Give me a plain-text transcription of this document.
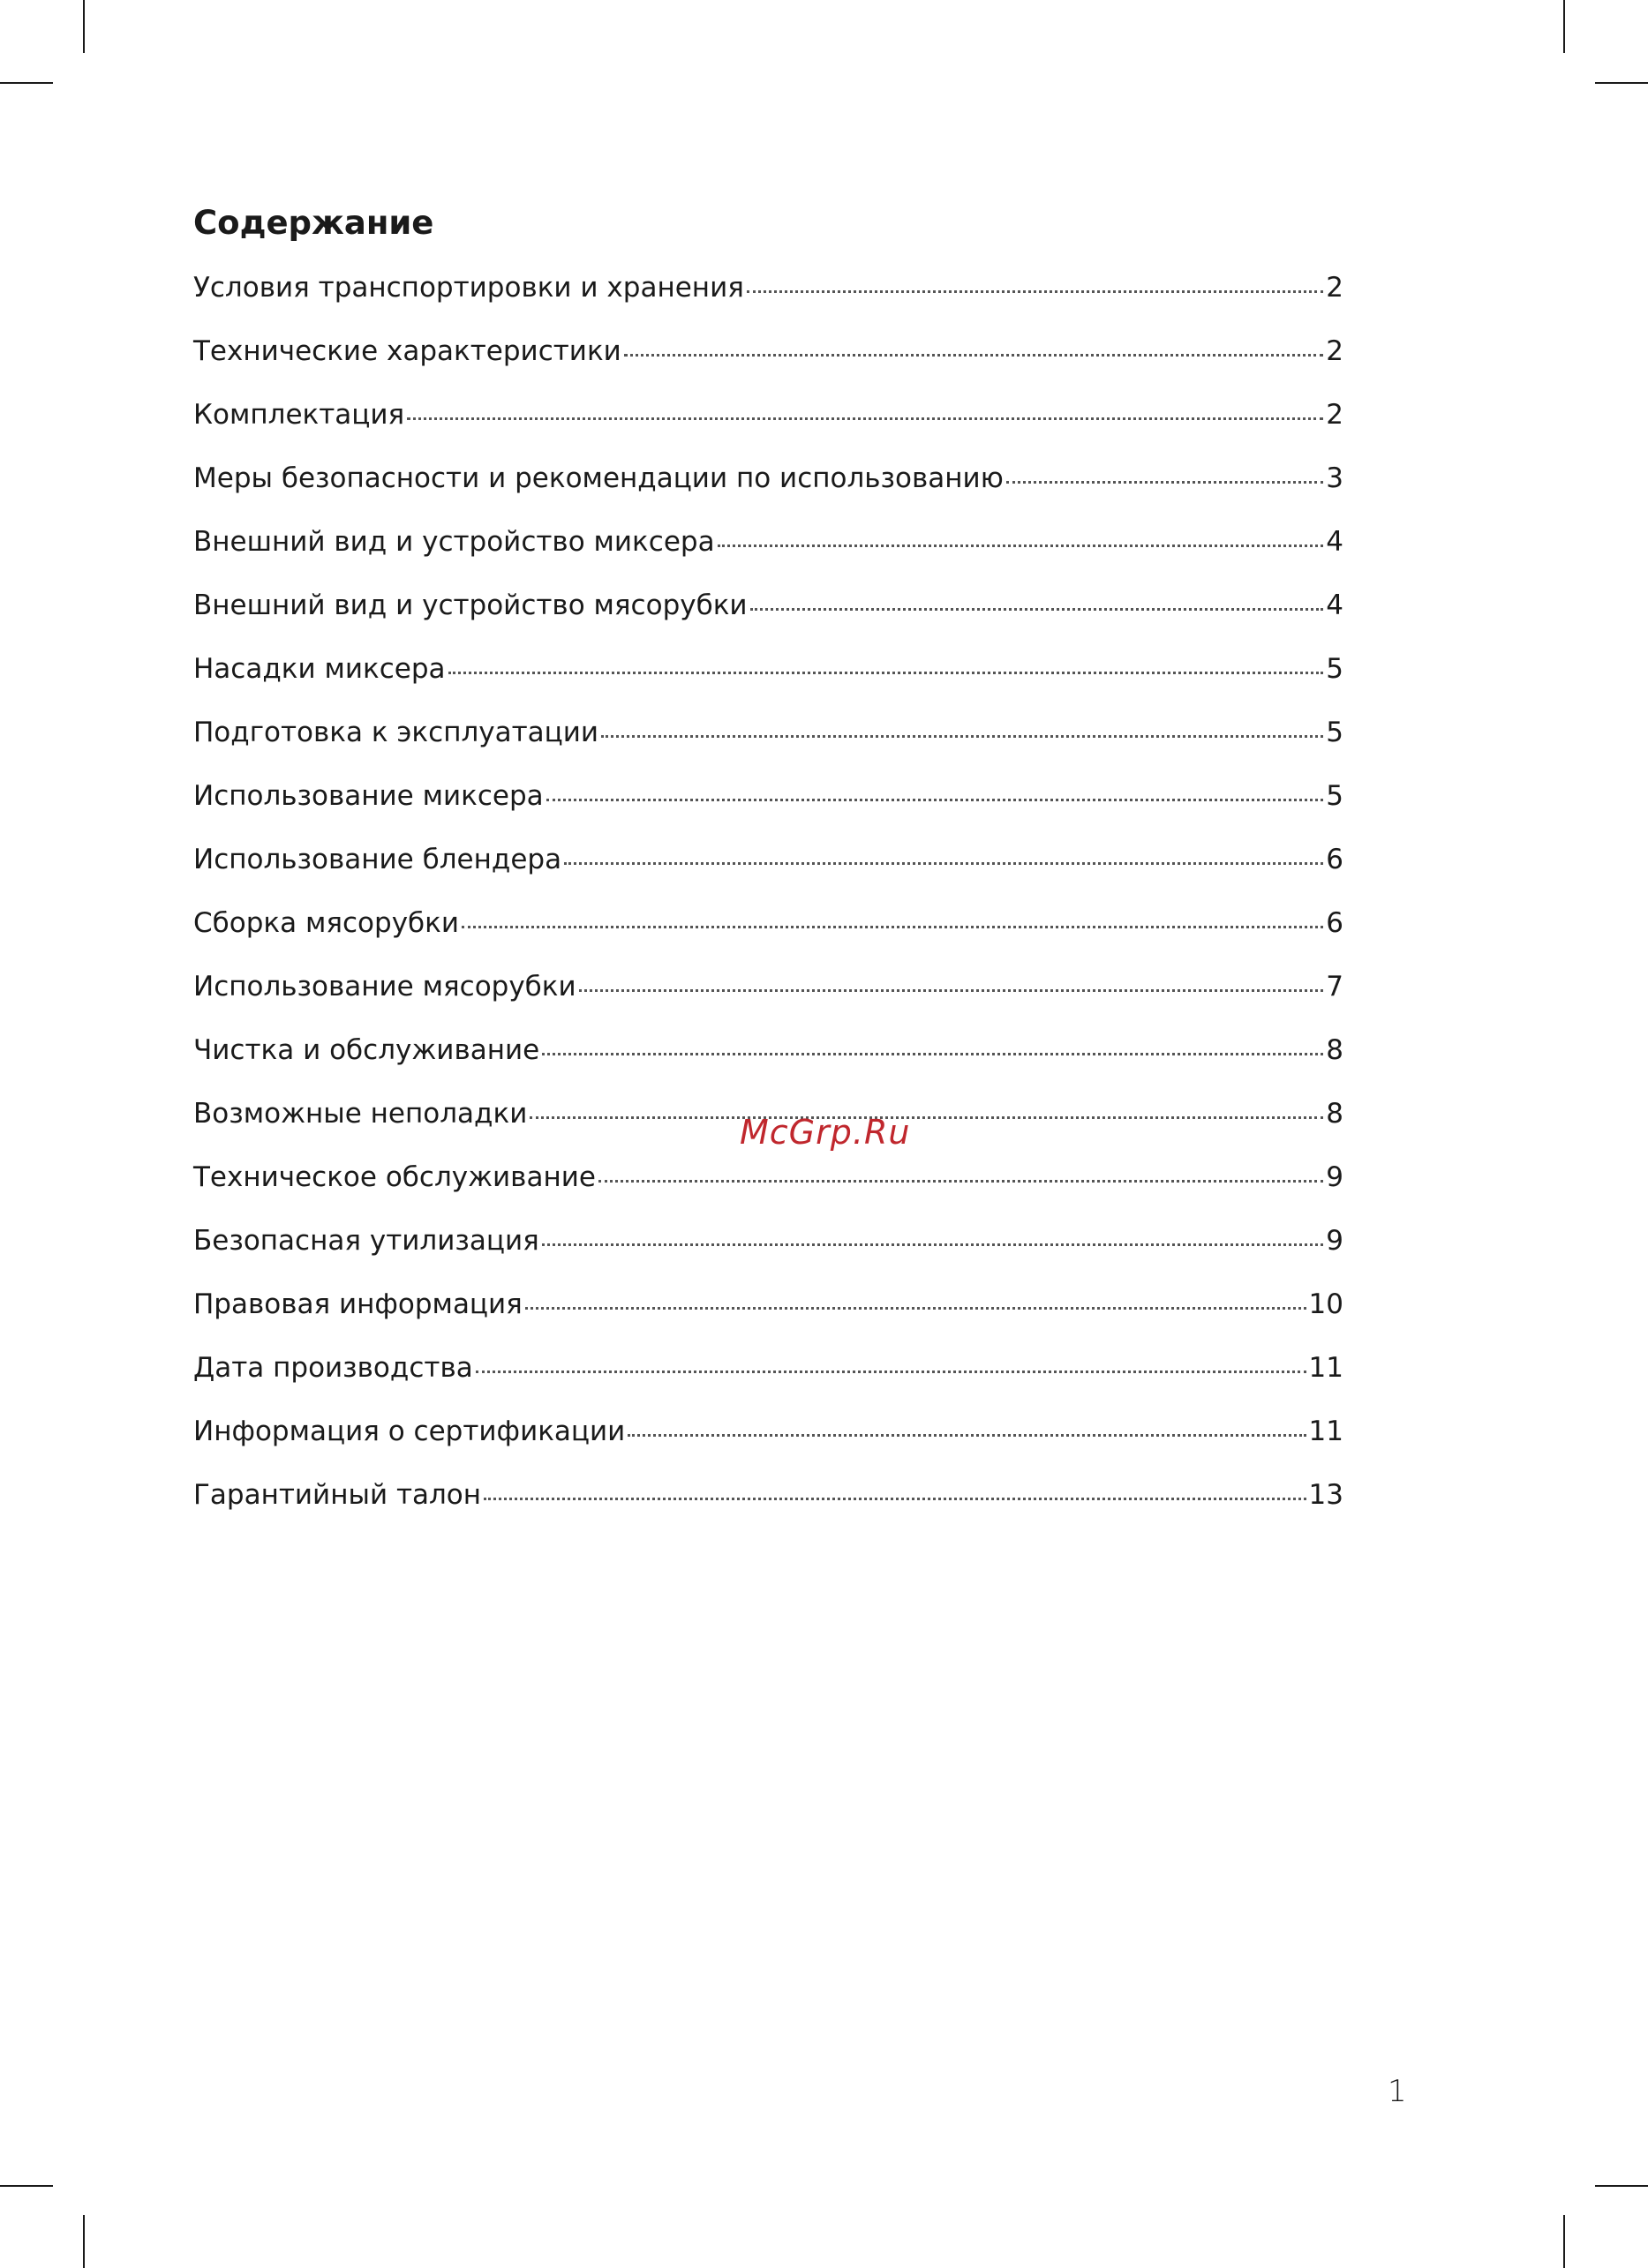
Содержание
Условия транспортировки и хранения	2
Технические характеристики	2
Комплектация	2
Меры безопасности и рекомендации по использованию	3
Внешний вид и устройство миксера	4
Внешний вид и устройство мясорубки	4
Насадки миксера	5
Подготовка к эксплуатации	5
Использование миксера	5
Использование блендера	6
Сборка мясорубки	6
Использование мясорубки	7
Чистка и обслуживание	8
Возможные неполадки	8
Техническое обслуживание	9
Безопасная утилизация	9
Правовая информация	10
Дата производства	11
Информация о сертификации	11
Гарантийный талон	13
McGrp.Ru
1
